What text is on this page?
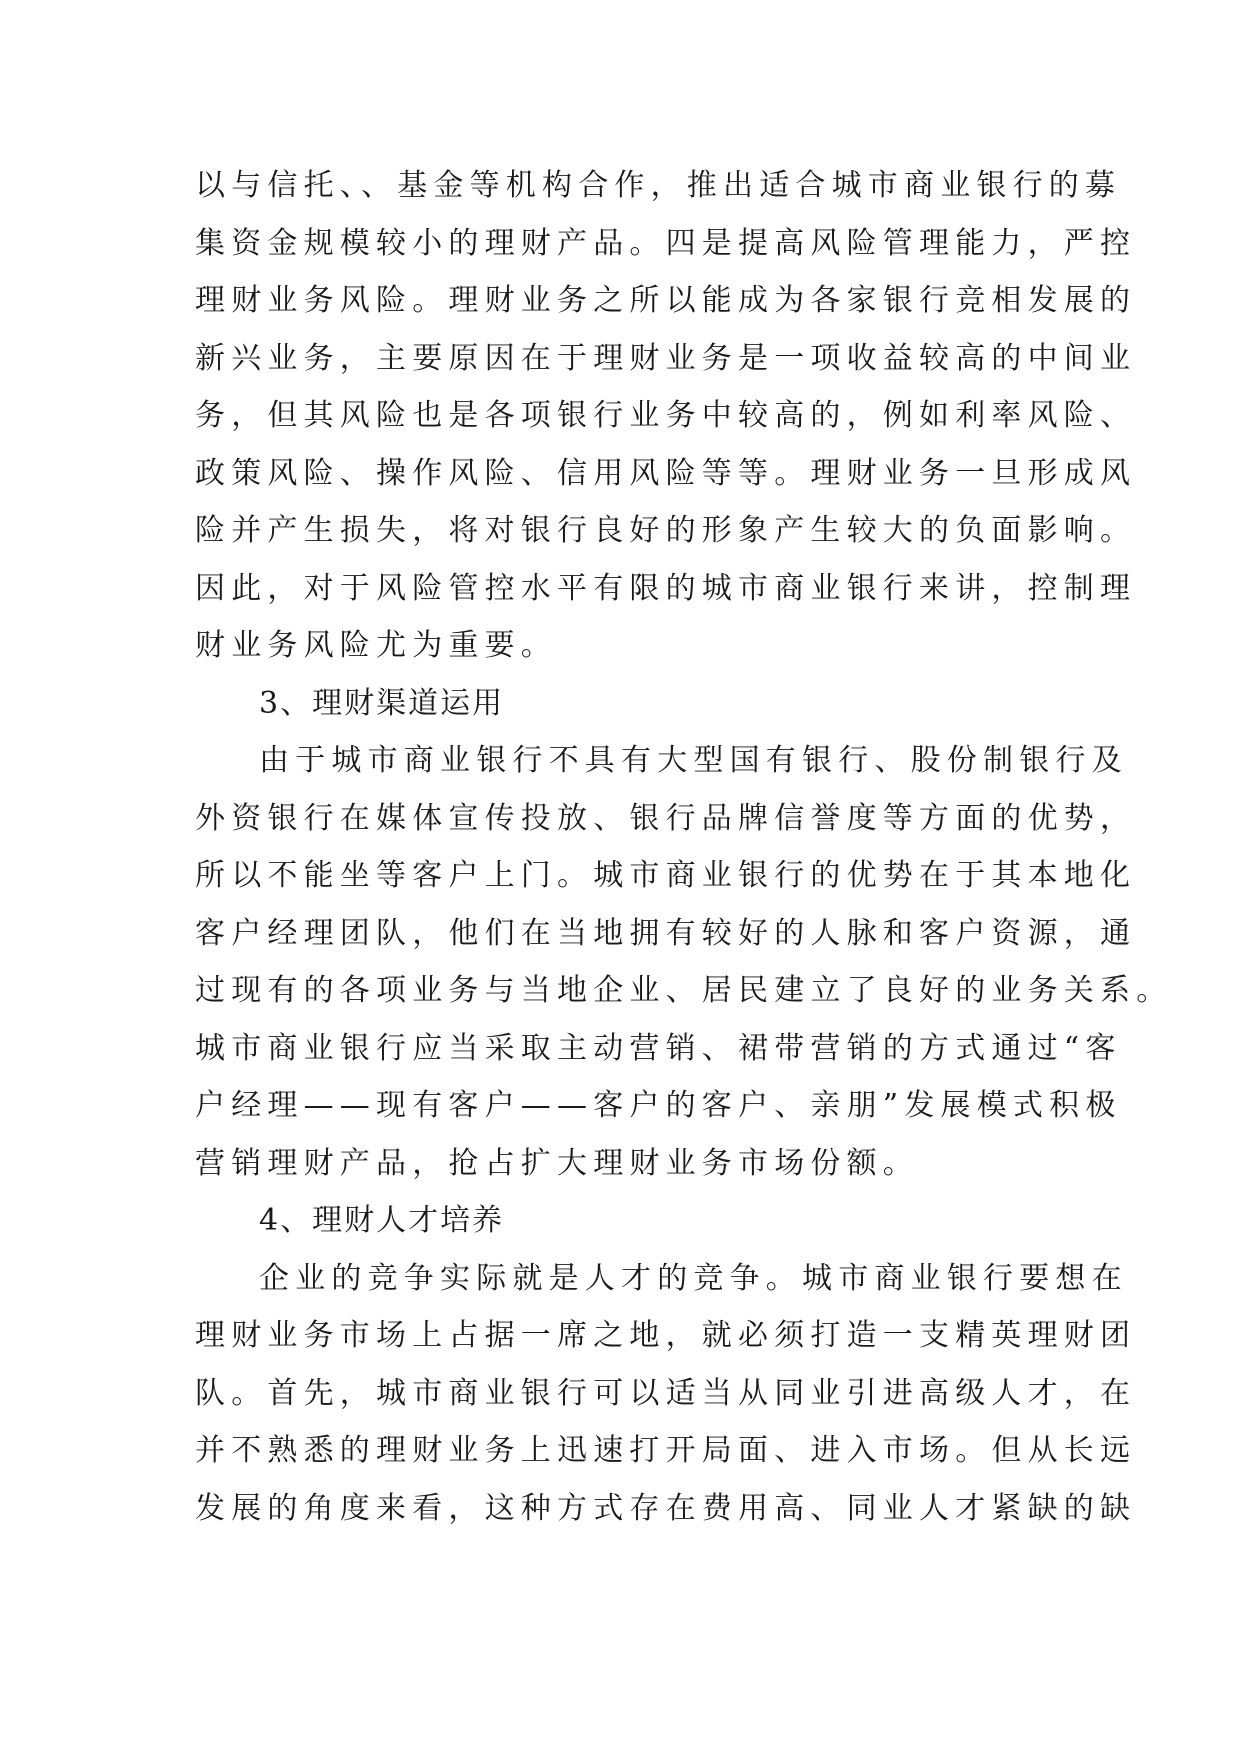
以与信托、、基金等机构合作，推出适合城市商业银行的募
集资金规模较小的理财产品。四是提高风险管理能力，严控
理财业务风险。理财业务之所以能成为各家银行竞相发展的
新兴业务，主要原因在于理财业务是一项收益较高的中间业
务，但其风险也是各项银行业务中较高的，例如利率风险、
政策风险、操作风险、信用风险等等。理财业务一旦形成风
险并产生损失，将对银行良好的形象产生较大的负面影响。
因此，对于风险管控水平有限的城市商业银行来讲，控制理
财业务风险尤为重要。
3、理财渠道运用
由于城市商业银行不具有大型国有银行、股份制银行及
外资银行在媒体宣传投放、银行品牌信誉度等方面的优势，
所以不能坐等客户上门。城市商业银行的优势在于其本地化
客户经理团队，他们在当地拥有较好的人脉和客户资源，通
过现有的各项业务与当地企业、居民建立了良好的业务关系。
城市商业银行应当采取主动营销、裙带营销的方式通过“客
户经理——现有客户——客户的客户、亲朋”发展模式积极
营销理财产品，抢占扩大理财业务市场份额。
4、理财人才培养
企业的竞争实际就是人才的竞争。城市商业银行要想在
理财业务市场上占据一席之地，就必须打造一支精英理财团
队。首先，城市商业银行可以适当从同业引进高级人才，在
并不熟悉的理财业务上迅速打开局面、进入市场。但从长远
发展的角度来看，这种方式存在费用高、同业人才紧缺的缺
